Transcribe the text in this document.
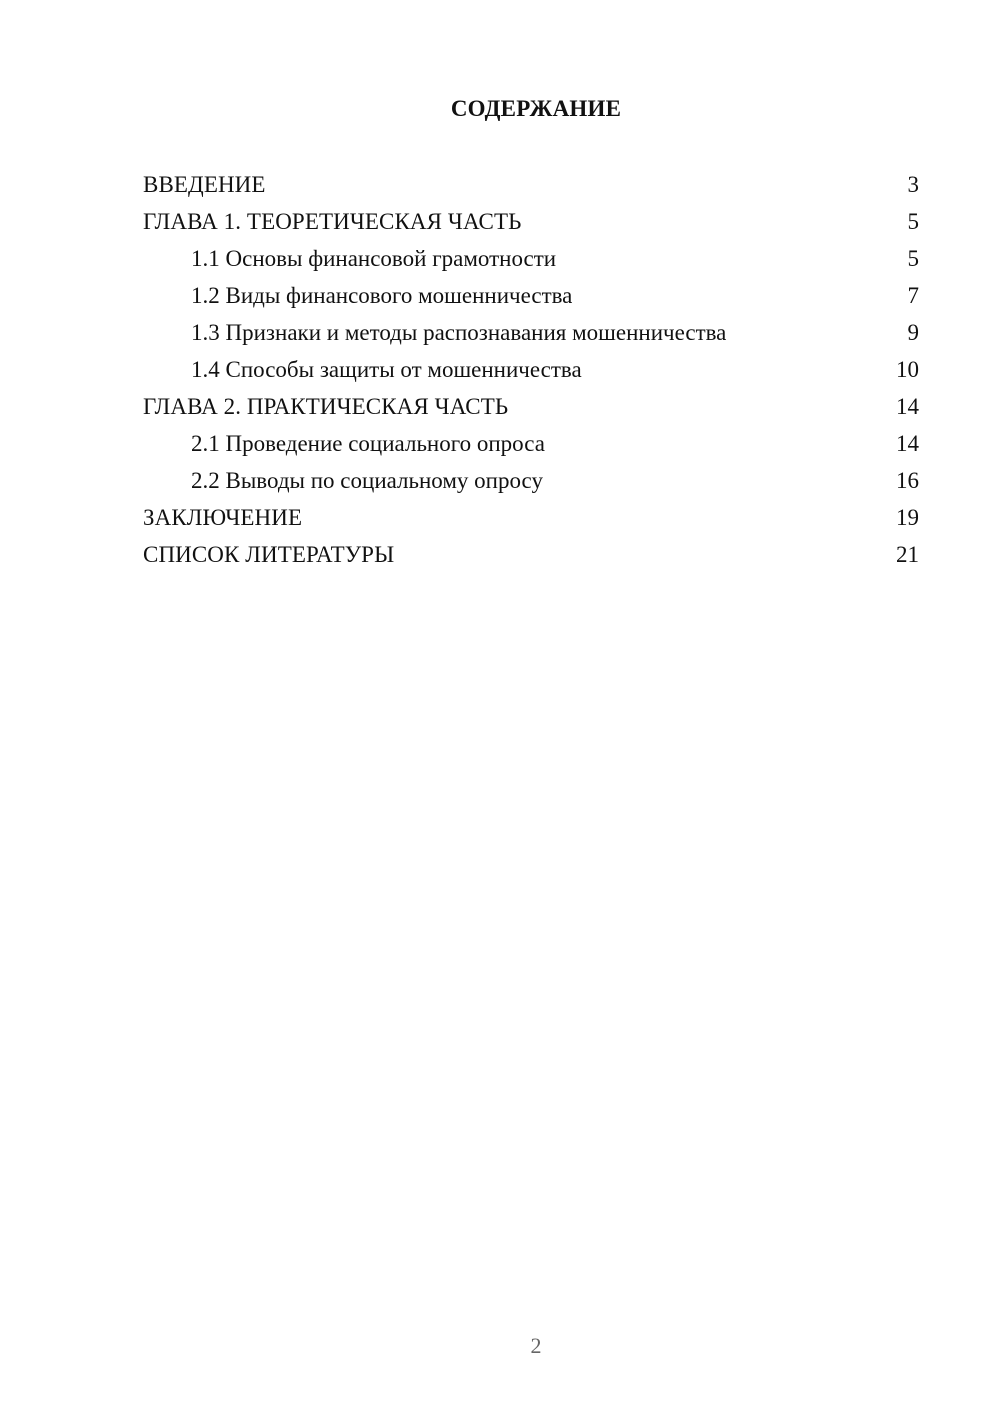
СОДЕРЖАНИЕ
ВВЕДЕНИЕ	3
ГЛАВА 1. ТЕОРЕТИЧЕСКАЯ ЧАСТЬ	5
1.1 Основы финансовой грамотности	5
1.2 Виды финансового мошенничества	7
1.3 Признаки и методы распознавания мошенничества	9
1.4 Способы защиты от мошенничества	10
ГЛАВА 2. ПРАКТИЧЕСКАЯ ЧАСТЬ	14
2.1 Проведение социального опроса	14
2.2 Выводы по социальному опросу	16
ЗАКЛЮЧЕНИЕ	19
СПИСОК ЛИТЕРАТУРЫ	21
2
